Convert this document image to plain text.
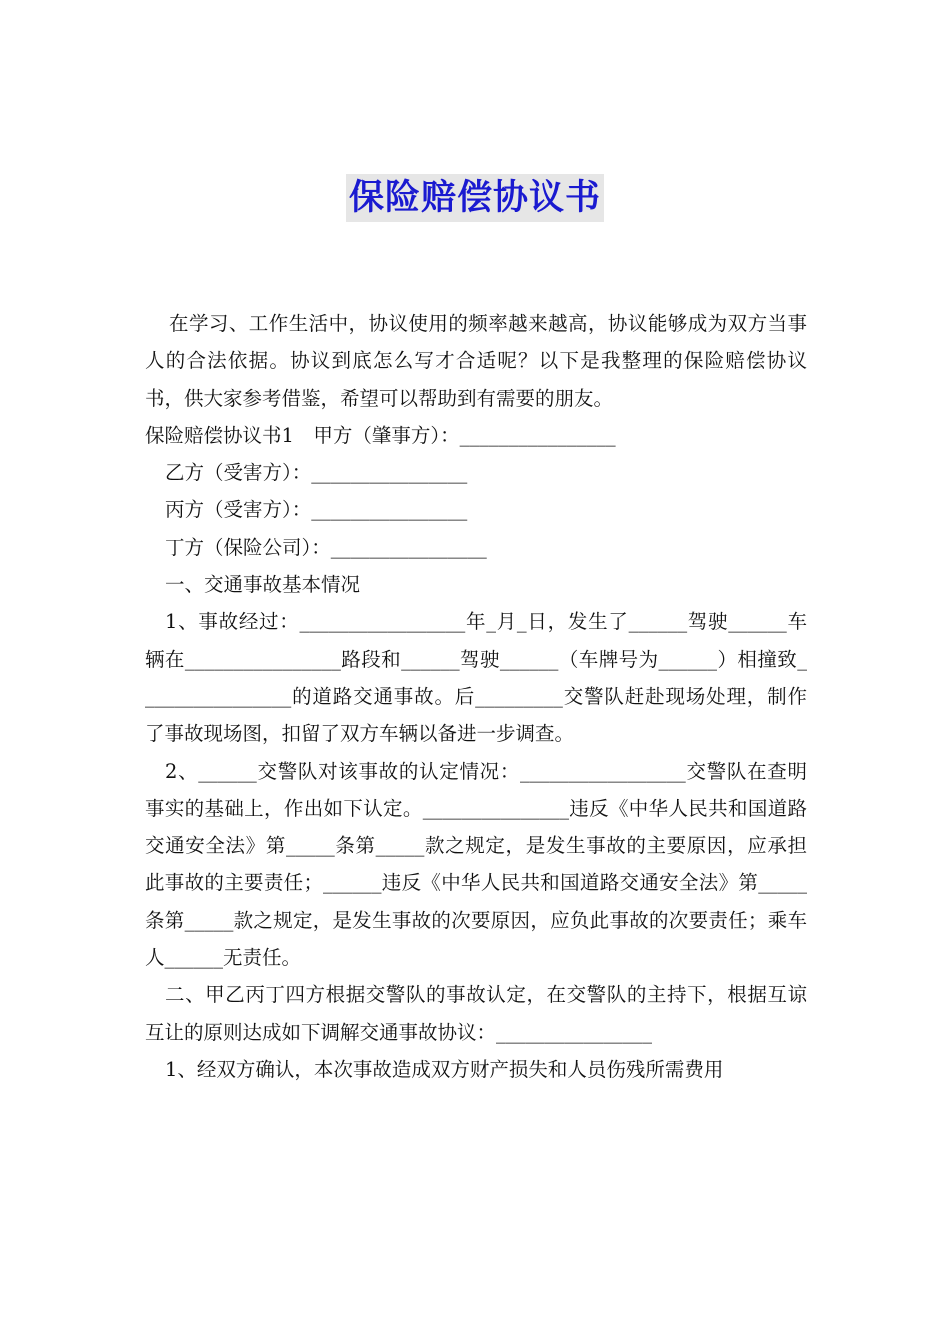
保险赔偿协议书

在学习、工作生活中，协议使用的频率越来越高，协议能够成为双方当事人的合法依据。协议到底怎么写才合适呢？以下是我整理的保险赔偿协议书，供大家参考借鉴，希望可以帮助到有需要的朋友。

保险赔偿协议书1　甲方（肇事方）：________________

乙方（受害方）：________________

丙方（受害方）：________________

丁方（保险公司）：________________

一、交通事故基本情况

1、事故经过：_________________年_月_日，发生了______驾驶______车辆在________________路段和______驾驶______（车牌号为______）相撞致________________的道路交通事故。后_________交警队赶赴现场处理，制作了事故现场图，扣留了双方车辆以备进一步调查。

2、______交警队对该事故的认定情况：_________________交警队在查明事实的基础上，作出如下认定。_______________违反《中华人民共和国道路交通安全法》第_____条第_____款之规定，是发生事故的主要原因，应承担此事故的主要责任；______违反《中华人民共和国道路交通安全法》第_____条第_____款之规定，是发生事故的次要原因，应负此事故的次要责任；乘车人______无责任。

二、甲乙丙丁四方根据交警队的事故认定，在交警队的主持下，根据互谅互让的原则达成如下调解交通事故协议：________________

1、经双方确认，本次事故造成双方财产损失和人员伤残所需费用
